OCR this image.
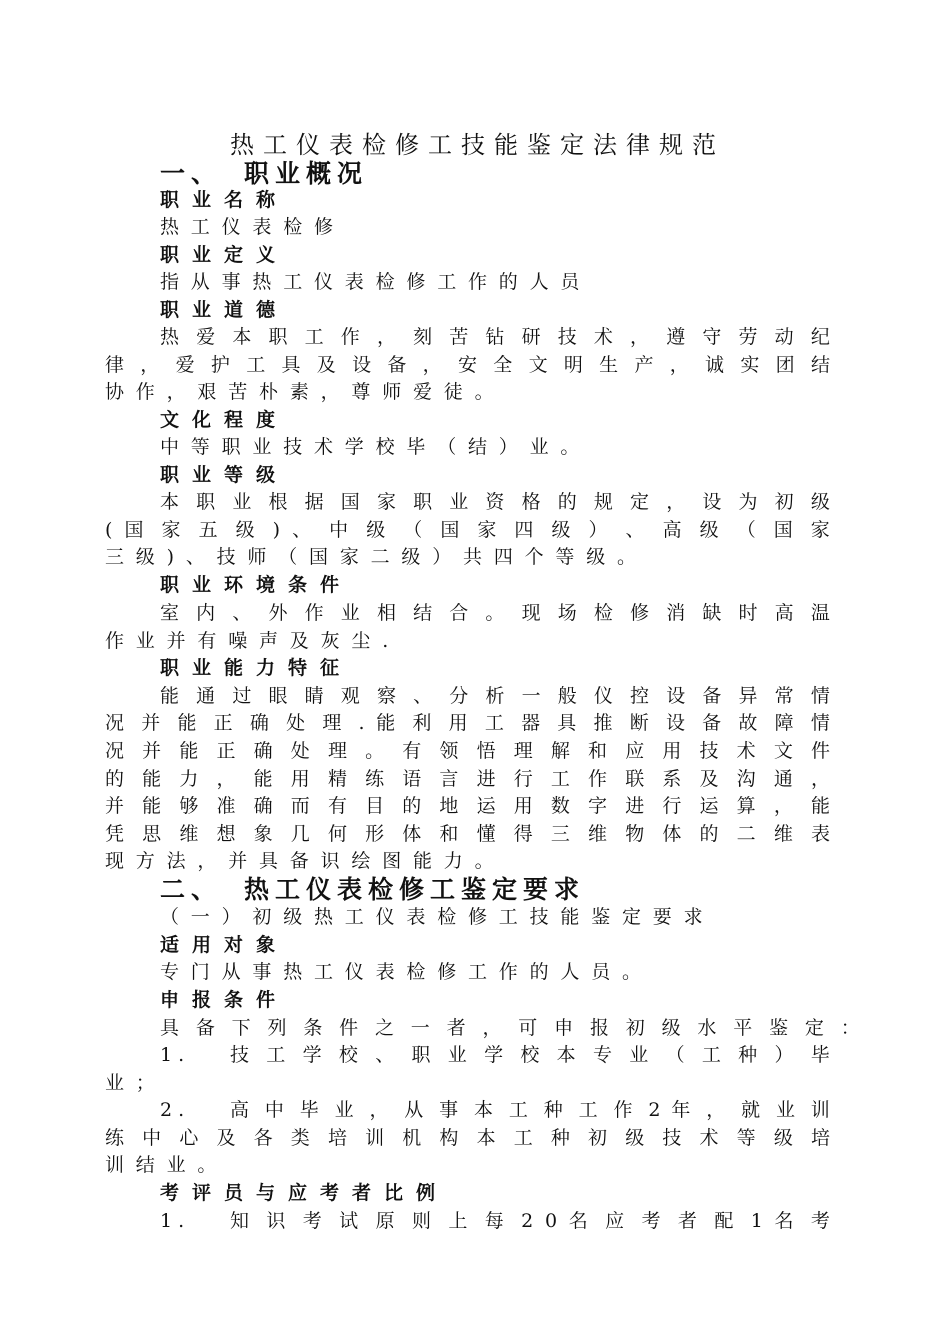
热工仪表检修工技能鉴定法律规范
一、 职业概况
职业名称
热工仪表检修
职业定义
指从事热工仪表检修工作的人员
职业道德
热 爱 本 职 工 作 ， 刻 苦 钻 研 技 术 ， 遵 守 劳 动 纪
律 ， 爱 护 工 具 及 设 备 ， 安 全 文 明 生 产 ， 诚 实 团 结
协作，艰苦朴素，尊师爱徒。
文化程度
中等职业技术学校毕（结）业。
职业等级
本 职 业 根 据 国 家 职 业 资 格 的 规 定 ， 设 为 初 级
( 国 家 五 级 ) 、 中 级 （ 国 家 四 级 ） 、 高 级 （ 国 家
三级)、技师（国家二级）共四个等级。
职业环境条件
室 内 、 外 作 业 相 结 合 。 现 场 检 修 消 缺 时 高 温
作业并有噪声及灰尘.
职业能力特征
能 通 过 眼 睛 观 察 、 分 析 一 般 仪 控 设 备 异 常 情
况 并 能 正 确 处 理 . 能 利 用 工 器 具 推 断 设 备 故 障 情
况 并 能 正 确 处 理 。 有 领 悟 理 解 和 应 用 技 术 文 件
的 能 力 ， 能 用 精 练 语 言 进 行 工 作 联 系 及 沟 通 ，
并 能 够 准 确 而 有 目 的 地 运 用 数 字 进 行 运 算 ， 能
凭 思 维 想 象 几 何 形 体 和 懂 得 三 维 物 体 的 二 维 表
现方法，并具备识绘图能力。
二、 热工仪表检修工鉴定要求
（一）初级热工仪表检修工技能鉴定要求
适用对象
专门从事热工仪表检修工作的人员。
申报条件
具 备 下 列 条 件 之 一 者 ， 可 申 报 初 级 水 平 鉴 定 ：
1.	技 工 学 校 、 职 业 学 校 本 专 业 （ 工 种 ） 毕
业；
2.	高 中 毕 业 ， 从 事 本 工 种 工 作 2 年 ， 就 业 训
练 中 心 及 各 类 培 训 机 构 本 工 种 初 级 技 术 等 级 培
训结业。
考评员与应考者比例
1.	知 识 考 试 原 则 上 每 2 0 名 应 考 者 配 1 名 考
